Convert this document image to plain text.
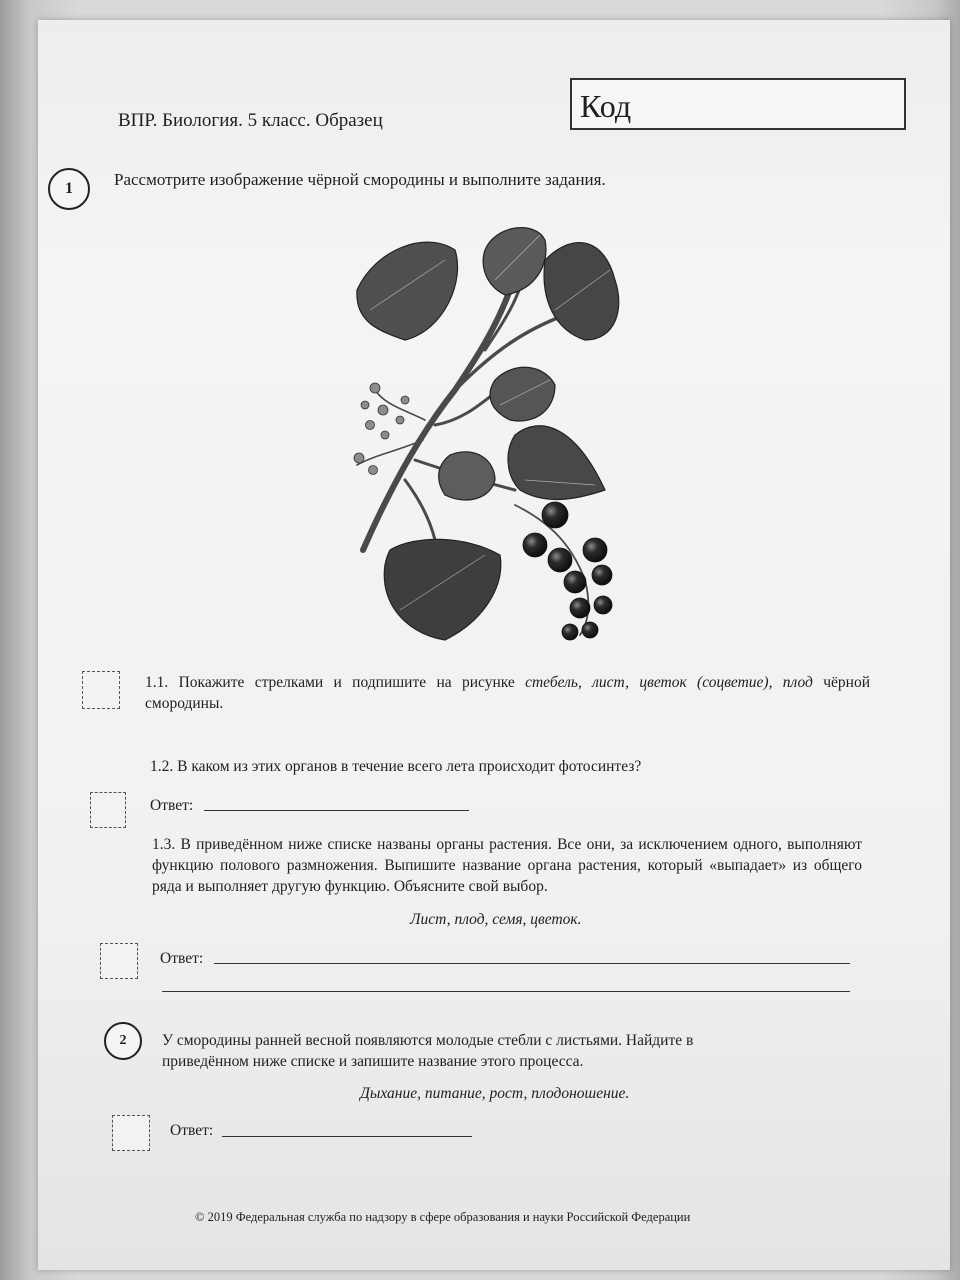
ВПР. Биология. 5 класс. Образец	Код
1 Рассмотрите изображение чёрной смородины и выполните задания.
1.1. Покажите стрелками и подпишите на рисунке стебель, лист, цветок (соцветие), плод чёрной смородины.
1.2. В каком из этих органов в течение всего лета происходит фотосинтез?
Ответ:
1.3. В приведённом ниже списке названы органы растения. Все они, за исключением одного, выполняют функцию полового размножения. Выпишите название органа растения, который «выпадает» из общего ряда и выполняет другую функцию. Объясните свой выбор.
Лист, плод, семя, цветок.
Ответ:
2 У смородины ранней весной появляются молодые стебли с листьями. Найдите в приведённом ниже списке и запишите название этого процесса.
Дыхание, питание, рост, плодоношение.
Ответ:
© 2019 Федеральная служба по надзору в сфере образования и науки Российской Федерации
